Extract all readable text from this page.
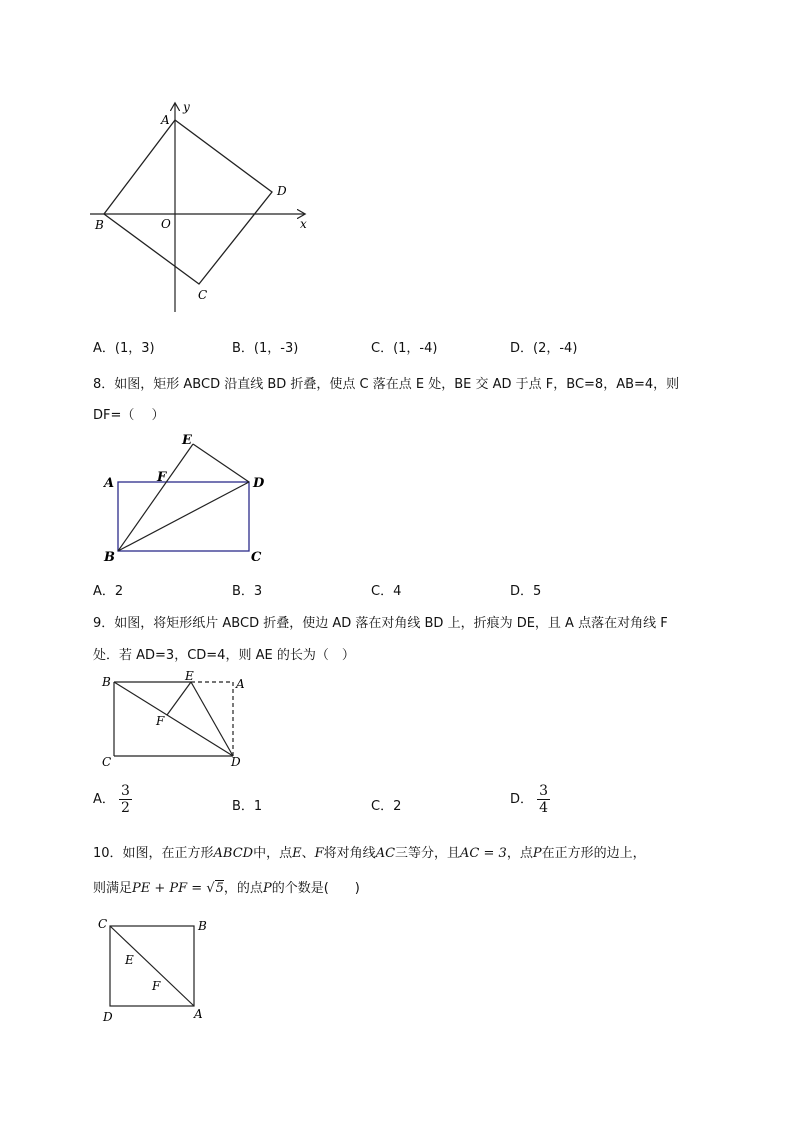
y
A
D
B	O	x
C
A．(1，3)	B．(1，-3)	C．(1，-4)	D．(2，-4)
8．如图，矩形 ABCD 沿直线 BD 折叠，使点 C 落在点 E 处，BE 交 AD 于点 F，BC=8，AB=4，则
DF=（　 ）
E
A	F	D
B	C
A．2	B．3	C．4	D．5
9．如图，将矩形纸片 ABCD 折叠，使边 AD 落在对角线 BD 上，折痕为 DE，且 A 点落在对角线 F
处．若 AD=3，CD=4，则 AE 的长为（　）
B	E
A
F
C	D
A． $\frac{3}{2}$	B．1	C．2	D． $\frac{3}{4}$
10．如图，在正方形ABCD中，点E、F将对角线AC三等分，且AC = 3，点P在正方形的边上，
则满足PE + PF = √5，的点P的个数是(　　)
C	B
E
F
D	A
